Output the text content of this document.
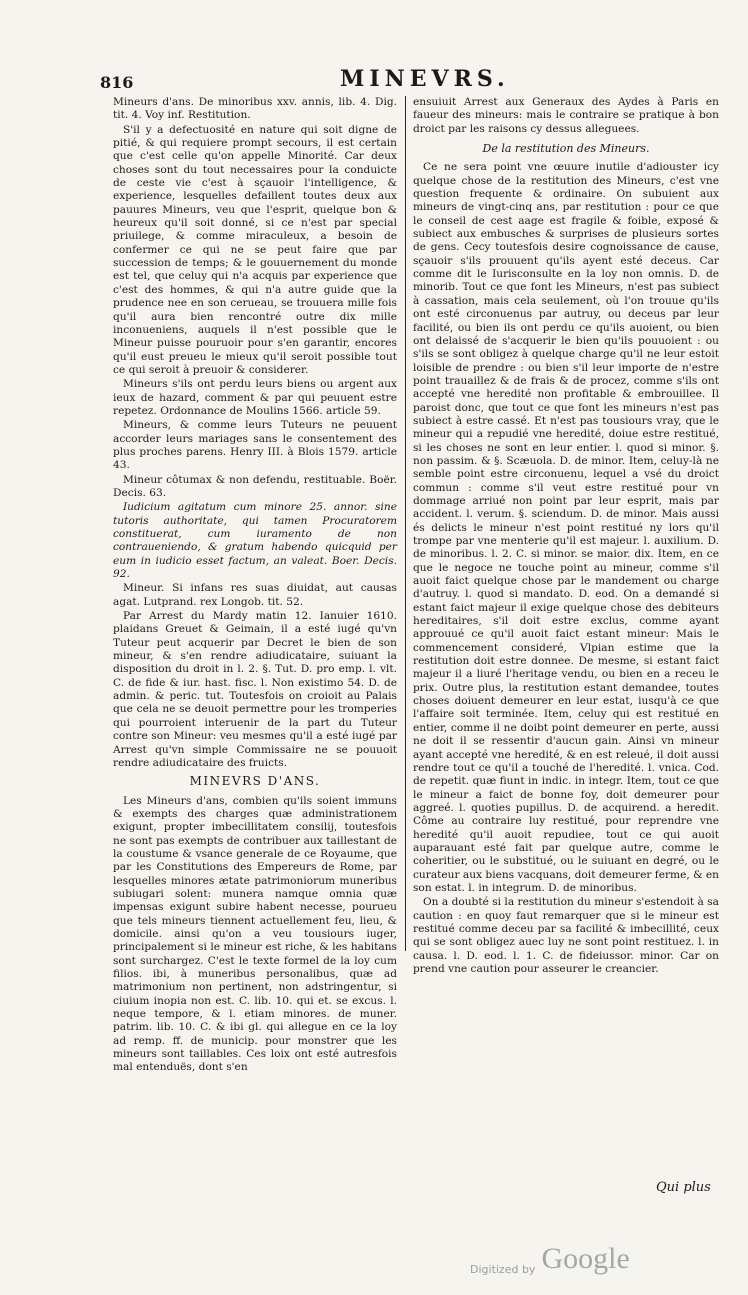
816	MINEVRS.

Mineurs d'ans. De minoribus xxv. annis, lib. 4. Dig. tit. 4. Voy inf. Restitution.

S'il y a defectuosité en nature qui soit digne de pitié, & qui requiere prompt secours, il est certain que c'est celle qu'on appelle Minorité. Car deux choses sont du tout necessaires pour la conduicte de ceste vie c'est à sçauoir l'intelligence, & experience, lesquelles defaillent toutes deux aux pauures Mineurs, veu que l'esprit, quelque bon & heureux qu'il soit donné, si ce n'est par special priuilege, & comme miraculeux, a besoin de confermer ce qui ne se peut faire que par succession de temps; & le gouuernement du monde est tel, que celuy qui n'a acquis par experience que c'est des hommes, & qui n'a autre guide que la prudence nee en son cerueau, se trouuera mille fois qu'il aura bien rencontré outre dix mille inconueniens, auquels il n'est possible que le Mineur puisse pouruoir pour s'en garantir, encores qu'il eust preueu le mieux qu'il seroit possible tout ce qui seroit à preuoir & considerer.

Mineurs s'ils ont perdu leurs biens ou argent aux ieux de hazard, comment & par qui peuuent estre repetez. Ordonnance de Moulins 1566. article 59.

Mineurs, & comme leurs Tuteurs ne peuuent accorder leurs mariages sans le consentement des plus proches parens. Henry III. à Blois 1579. article 43.

Mineur côtumax & non defendu, restituable. Boër. Decis. 63.

Iudicium agitatum cum minore 25. annor. sine tutoris authoritate, qui tamen Procuratorem constituerat, cum iuramento de non contraueniendo, & gratum habendo quicquid per eum in iudicio esset factum, an valeat. Boer. Decis. 92.

Mineur. Si infans res suas diuidat, aut causas agat. Lutprand. rex Longob. tit. 52.

Par Arrest du Mardy matin 12. Ianuier 1610. plaidans Greuet & Geimain, il a esté iugé qu'vn Tuteur peut acquerir par Decret le bien de son mineur, & s'en rendre adiudicataire, suiuant la disposition du droit in l. 2. §. Tut. D. pro emp. l. vlt. C. de fide & iur. hast. fisc. l. Non existimo 54. D. de admin. & peric. tut. Toutesfois on croioit au Palais que cela ne se deuoit permettre pour les tromperies qui pourroient interuenir de la part du Tuteur contre son Mineur: veu mesmes qu'il a esté iugé par Arrest qu'vn simple Commissaire ne se pouuoit rendre adiudicataire des fruicts.

MINEVRS D'ANS.

Les Mineurs d'ans, combien qu'ils soient immuns & exempts des charges quæ administrationem exigunt, propter imbecillitatem consilij, toutesfois ne sont pas exempts de contribuer aux taillestant de la coustume & vsance generale de ce Royaume, que par les Constitutions des Empereurs de Rome, par lesquelles minores ætate patrimoniorum muneribus subiugari solent: munera namque omnia quæ impensas exigunt subire habent necesse, pourueu que tels mineurs tiennent actuellement feu, lieu, & domicile. ainsi qu'on a veu tousiours iuger, principalement si le mineur est riche, & les habitans sont surchargez. C'est le texte formel de la loy cum filios. ibi, à muneribus personalibus, quæ ad matrimonium non pertinent, non adstringentur, si ciuium inopia non est. C. lib. 10. qui et. se excus. l. neque tempore, & l. etiam minores. de muner. patrim. lib. 10. C. & ibi gl. qui allegue en ce la loy ad remp. ff. de municip. pour monstrer que les mineurs sont taillables. Ces loix ont esté autresfois mal entenduës, dont s'en

ensuiuit Arrest aux Generaux des Aydes à Paris en faueur des mineurs: mais le contraire se pratique à bon droict par les raisons cy dessus alleguees.

De la restitution des Mineurs.

Ce ne sera point vne œuure inutile d'adiouster icy quelque chose de la restitution des Mineurs, c'est vne question frequente & ordinaire. On subuient aux mineurs de vingt-cinq ans, par restitution : pour ce que le conseil de cest aage est fragile & foible, exposé & subiect aux embusches & surprises de plusieurs sortes de gens. Cecy toutesfois desire cognoissance de cause, sçauoir s'ils prouuent qu'ils ayent esté deceus. Car comme dit le Iurisconsulte en la loy non omnis. D. de minorib. Tout ce que font les Mineurs, n'est pas subiect à cassation, mais cela seulement, où l'on trouue qu'ils ont esté circonuenus par autruy, ou deceus par leur facilité, ou bien ils ont perdu ce qu'ils auoient, ou bien ont delaissé de s'acquerir le bien qu'ils pouuoient : ou s'ils se sont obligez à quelque charge qu'il ne leur estoit loisible de prendre : ou bien s'il leur importe de n'estre point trauaillez & de frais & de procez, comme s'ils ont accepté vne heredité non profitable & embrouillee. Il paroist donc, que tout ce que font les mineurs n'est pas subiect à estre cassé. Et n'est pas tousiours vray, que le mineur qui a repudié vne heredité, doiue estre restitué, si les choses ne sont en leur entier. l. quod si minor. §. non passim. & §. Scæuola. D. de minor. Item, celuy-là ne semble point estre circonuenu, lequel a vsé du droict commun : comme s'il veut estre restitué pour vn dommage arriué non point par leur esprit, mais par accident. l. verum. §. sciendum. D. de minor. Mais aussi és delicts le mineur n'est point restitué ny lors qu'il trompe par vne menterie qu'il est majeur. l. auxilium. D. de minoribus. l. 2. C. si minor. se maior. dix. Item, en ce que le negoce ne touche point au mineur, comme s'il auoit faict quelque chose par le mandement ou charge d'autruy. l. quod si mandato. D. eod. On a demandé si estant faict majeur il exige quelque chose des debiteurs hereditaires, s'il doit estre exclus, comme ayant approuué ce qu'il auoit faict estant mineur: Mais le commencement consideré, Vlpian estime que la restitution doit estre donnee. De mesme, si estant faict majeur il a liuré l'heritage vendu, ou bien en a receu le prix. Outre plus, la restitution estant demandee, toutes choses doiuent demeurer en leur estat, iusqu'à ce que l'affaire soit terminée. Item, celuy qui est restitué en entier, comme il ne doibt point demeurer en perte, aussi ne doit il se ressentir d'aucun gain. Ainsi vn mineur ayant accepté vne heredité, & en est releué, il doit aussi rendre tout ce qu'il a touché de l'heredité. l. vnica. Cod. de repetit. quæ fiunt in indic. in integr. Item, tout ce que le mineur a faict de bonne foy, doit demeurer pour aggreé. l. quoties pupillus. D. de acquirend. a heredit. Côme au contraire luy restitué, pour reprendre vne heredité qu'il auoit repudiee, tout ce qui auoit auparauant esté fait par quelque autre, comme le coheritier, ou le substitué, ou le suiuant en degré, ou le curateur aux biens vacquans, doit demeurer ferme, & en son estat. l. in integrum. D. de minoribus.

On a doubté si la restitution du mineur s'estendoit à sa caution : en quoy faut remarquer que si le mineur est restitué comme deceu par sa facilité & imbecillité, ceux qui se sont obligez auec luy ne sont point restituez. l. in causa. l. D. eod. l. 1. C. de fideiussor. minor. Car on prend vne caution pour asseurer le creancier.

Qui plus
Digitized by Google
